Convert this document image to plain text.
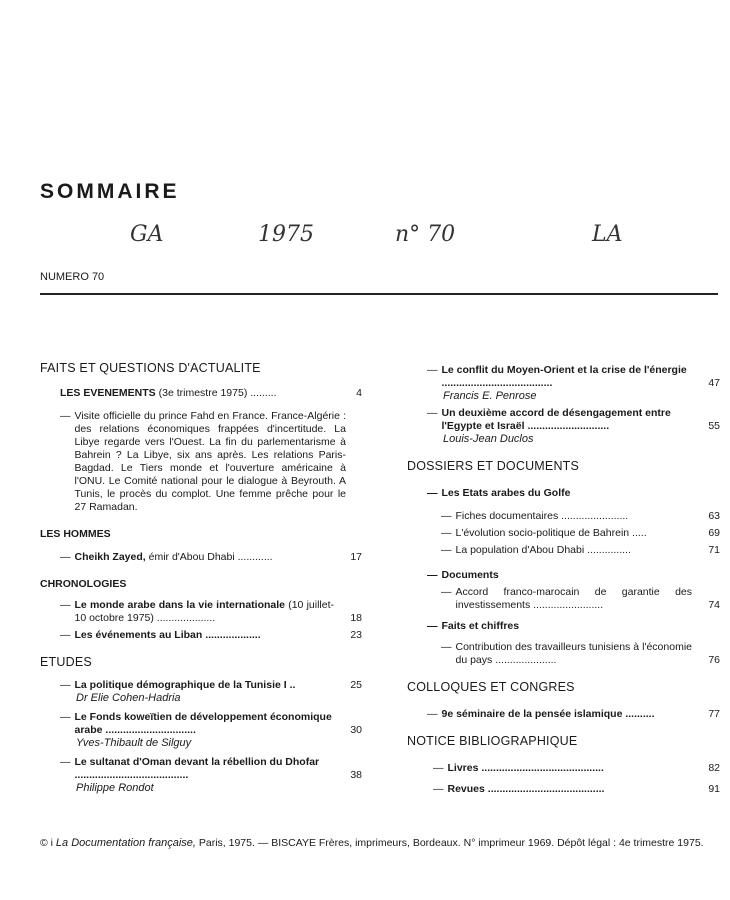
SOMMAIRE
GA	1975	n° 70	LA
NUMERO 70
FAITS ET QUESTIONS D'ACTUALITE
LES EVENEMENTS (3e trimestre 1975) .........	4
— Visite officielle du prince Fahd en France. France-Algérie : des relations économiques frappées d'incertitude. La Libye regarde vers l'Ouest. La fin du parlementarisme à Bahrein ? La Libye, six ans après. Les relations Paris-Bagdad. Le Tiers monde et l'ouverture américaine à l'ONU. Le Comité national pour le dialogue à Beyrouth. A Tunis, le procès du complot. Une femme prêche pour le 27 Ramadan.
LES HOMMES
— Cheikh Zayed, émir d'Abou Dhabi ............	17
CHRONOLOGIES
— Le monde arabe dans la vie internationale (10 juillet-10 octobre 1975) ....................	18
— Les événements au Liban ...................	23
ETUDES
— La politique démographique de la Tunisie I ..	25
Dr Elie Cohen-Hadria
— Le Fonds koweïtien de développement économique arabe ...............................	30
Yves-Thibault de Silguy
— Le sultanat d'Oman devant la rébellion du Dhofar .......................................	38
Philippe Rondot
— Le conflit du Moyen-Orient et la crise de l'énergie ......................................	47
Francis E. Penrose
— Un deuxième accord de désengagement entre l'Egypte et Israël ............................	55
Louis-Jean Duclos
DOSSIERS ET DOCUMENTS
— Les Etats arabes du Golfe
— Fiches documentaires .......................	63
— L'évolution socio-politique de Bahrein .....	69
— La population d'Abou Dhabi ...............	71
— Documents
— Accord franco-marocain de garantie des investissements ........................	74
— Faits et chiffres
— Contribution des travailleurs tunisiens à l'économie du pays .....................	76
COLLOQUES ET CONGRES
— 9e séminaire de la pensée islamique ..........	77
NOTICE BIBLIOGRAPHIQUE
— Livres ..........................................	82
— Revues ........................................	91
© i La Documentation française, Paris, 1975. — BISCAYE Frères, imprimeurs, Bordeaux. N° imprimeur 1969. Dépôt légal : 4e trimestre 1975.
